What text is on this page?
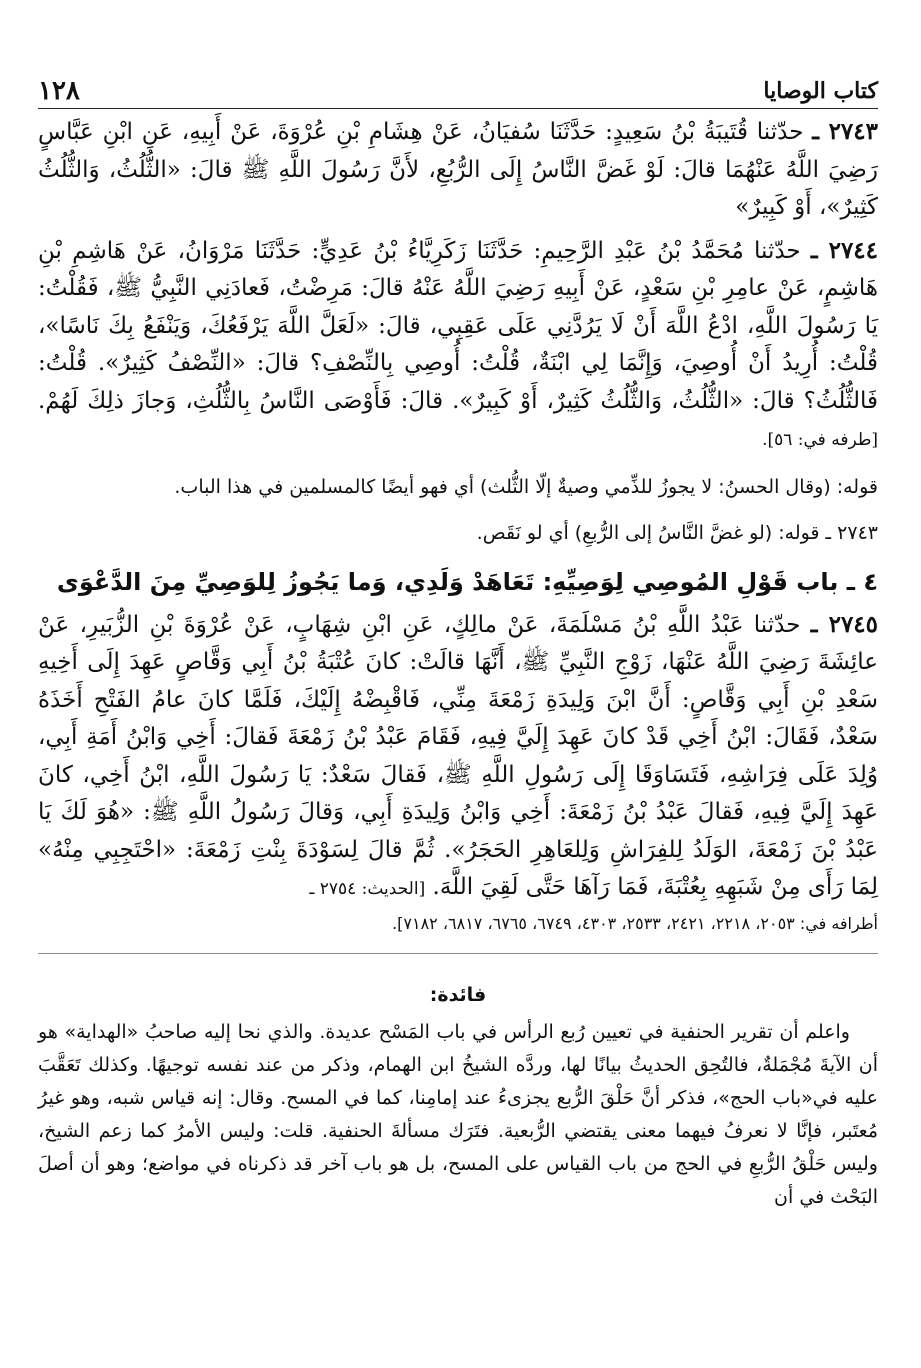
كتاب الوصايا
١٢٨
٢٧٤٣ ـ حدّثنا قُتَيبَةُ بْنُ سَعِيدٍ: حَدَّثَنَا سُفيَانُ، عَنْ هِشَامِ بْنِ عُرْوَةَ، عَنْ أَبِيهِ، عَنِ ابْنِ عَبَّاسٍ رَضِيَ اللَّهُ عَنْهُمَا قالَ: لَوْ غَضَّ النَّاسُ إِلَى الرُّبُعِ، لأَنَّ رَسُولَ اللَّهِ ﷺ قالَ: «الثُّلُثُ، وَالثُّلُثُ كَثِيرٌ»، أَوْ كَبِيرٌ»
٢٧٤٤ ـ حدّثنا مُحَمَّدُ بْنُ عَبْدِ الرَّحِيمِ: حَدَّثَنَا زَكَرِيَّاءُ بْنُ عَدِيٍّ: حَدَّثَنَا مَرْوَانُ، عَنْ هَاشِمِ بْنِ هَاشِمٍ، عَنْ عامِرِ بْنِ سَعْدٍ، عَنْ أَبِيهِ رَضِيَ اللَّهُ عَنْهُ قالَ: مَرِضْتُ، فَعادَنِي النَّبِيُّ ﷺ، فَقُلْتُ: يَا رَسُولَ اللَّهِ، ادْعُ اللَّهَ أَنْ لَا يَرُدَّنِي عَلَى عَقِبِي، قالَ: «لَعَلَّ اللَّهَ يَرْفَعُكَ، وَيَنْفَعُ بِكَ نَاسًا»، قُلْتُ: أُرِيدُ أَنْ أُوصِيَ، وَإِنَّمَا لِي ابْنَةٌ، قُلْتُ: أُوصِي بِالنِّصْفِ؟ قالَ: «النِّصْفُ كَثِيرٌ». قُلْتُ: فَالثُّلُثُ؟ قالَ: «الثُّلُثُ، وَالثُّلُثُ كَثِيرٌ، أَوْ كَبِيرٌ». قالَ: فَأَوْصَى النَّاسُ بِالثُّلُثِ، وَجازَ ذلِكَ لَهُمْ. [طرفه في: ٥٦].
قوله: (وقال الحسنُ: لا يجوزُ للذِّمي وصيةٌ إلّا الثُّلث) أي فهو أيضًا كالمسلمين في هذا الباب.
٢٧٤٣ ـ قوله: (لو غضَّ النَّاسُ إلى الرُّبعِ) أي لو نَقَص.
٤ ـ باب قَوْلِ المُوصِي لِوَصِيِّهِ: تَعَاهَدْ وَلَدِي، وَما يَجُوزُ لِلوَصِيِّ مِنَ الدَّعْوَى
٢٧٤٥ ـ حدّثنا عَبْدُ اللَّهِ بْنُ مَسْلَمَةَ، عَنْ مالِكٍ، عَنِ ابْنِ شِهَابٍ، عَنْ عُرْوَةَ بْنِ الزُّبَيرِ، عَنْ عائِشَةَ رَضِيَ اللَّهُ عَنْهَا، زَوْجِ النَّبِيِّ ﷺ، أَنَّهَا قالَتْ: كانَ عُتْبَةُ بْنُ أَبِي وَقَّاصٍ عَهِدَ إِلَى أَخِيهِ سَعْدِ بْنِ أَبِي وَقَّاصٍ: أَنَّ ابْنَ وَلِيدَةِ زَمْعَةَ مِنِّي، فَاقْبِضْهُ إِلَيْكَ، فَلَمَّا كانَ عامُ الفَتْحِ أَخَذَهُ سَعْدٌ، فَقَالَ: ابْنُ أَخِي قَدْ كانَ عَهِدَ إِلَيَّ فِيهِ، فَقَامَ عَبْدُ بْنُ زَمْعَةَ فَقالَ: أَخِي وَابْنُ أَمَةِ أَبِي، وُلِدَ عَلَى فِرَاشِهِ، فَتَسَاوَقَا إِلَى رَسُولِ اللَّهِ ﷺ، فَقالَ سَعْدٌ: يَا رَسُولَ اللَّهِ، ابْنُ أَخِي، كانَ عَهِدَ إِلَيَّ فِيهِ، فَقالَ عَبْدُ بْنُ زَمْعَةَ: أَخِي وَابْنُ وَلِيدَةِ أَبِي، وَقالَ رَسُولُ اللَّهِ ﷺ: «هُوَ لَكَ يَا عَبْدُ بْنَ زَمْعَةَ، الوَلَدُ لِلفِرَاشِ وَلِلعَاهِرِ الحَجَرُ». ثُمَّ قالَ لِسَوْدَةَ بِنْتِ زَمْعَةَ: «احْتَجِبِي مِنْهُ» لِمَا رَأَى مِنْ شَبَهِهِ بِعُتْبَةَ، فَمَا رَآهَا حَتَّى لَقِيَ اللَّهَ. [الحديث: ٢٧٥٤ ـ
أطرافه في: ٢٠٥٣، ٢٢١٨، ٢٤٢١، ٢٥٣٣، ٤٣٠٣، ٦٧٤٩، ٦٧٦٥، ٦٨١٧، ٧١٨٢].
فائدة:
واعلم أن تقرير الحنفية في تعيين رُبع الرأس في باب المَسْح عديدة. والذي نحا إليه صاحبُ «الهداية» هو أن الآيةَ مُجْمَلةٌ، فالتُحِق الحديثُ بيانًا لها، وردَّه الشيخُ ابن الهمام، وذكر من عند نفسه توجيهًا. وكذلك تَعَقَّبَ عليه في«باب الحج»، فذكر أنَّ حَلْقَ الرُّبع يجزىءُ عند إمامِنا، كما في المسح. وقال: إنه قياس شبه، وهو غيرُ مُعتَبر، فإنَّا لا نعرفُ فيهما معنى يقتضي الرُّبعية. فتَرَك مسألةَ الحنفية. قلت: وليس الأمرُ كما زعم الشيخ، وليس حَلْقُ الرُّبعِ في الحج من باب القياس على المسح، بل هو باب آخر قد ذكرناه في مواضع؛ وهو أن أصلَ البَحْث في أن
